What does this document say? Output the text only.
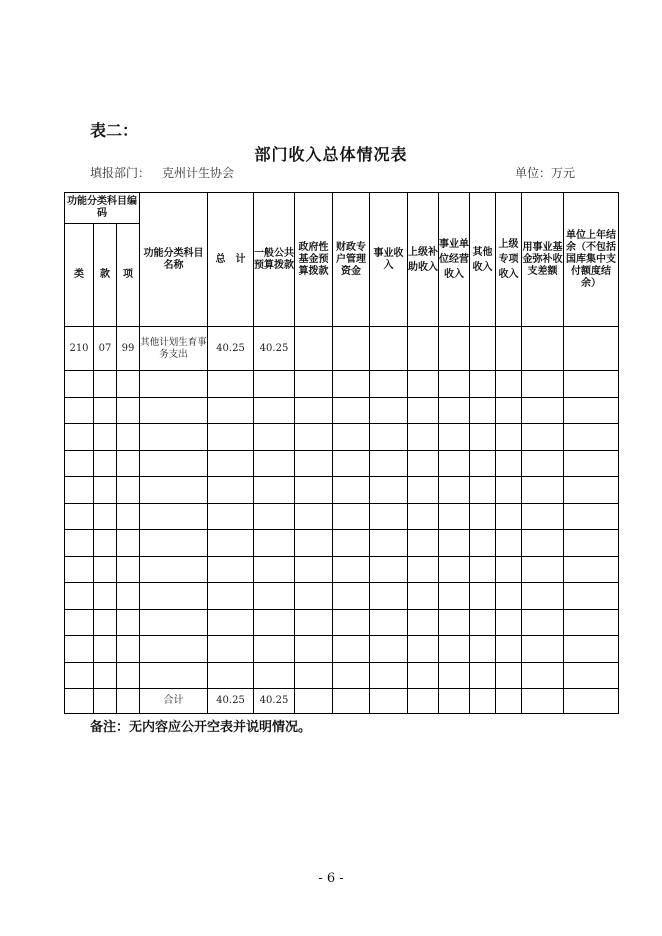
表二：
部门收入总体情况表
填报部门： 克州计生协会	单位：万元
功能分类科目编码			功能分类科目名称	总　计	一般公共预算拨款	政府性基金预算拨款	财政专户管理资金	事业收入	上级补助收入	事业单位经营收入	其他收入	上级专项收入	用事业基金弥补收支差额	单位上年结余（不包括国库集中支付额度结余）
类	款	项												
210	07	99	其他计划生育事务支出	40.25	40.25									

			合计	40.25	40.25									
备注：无内容应公开空表并说明情况。
- 6 -
